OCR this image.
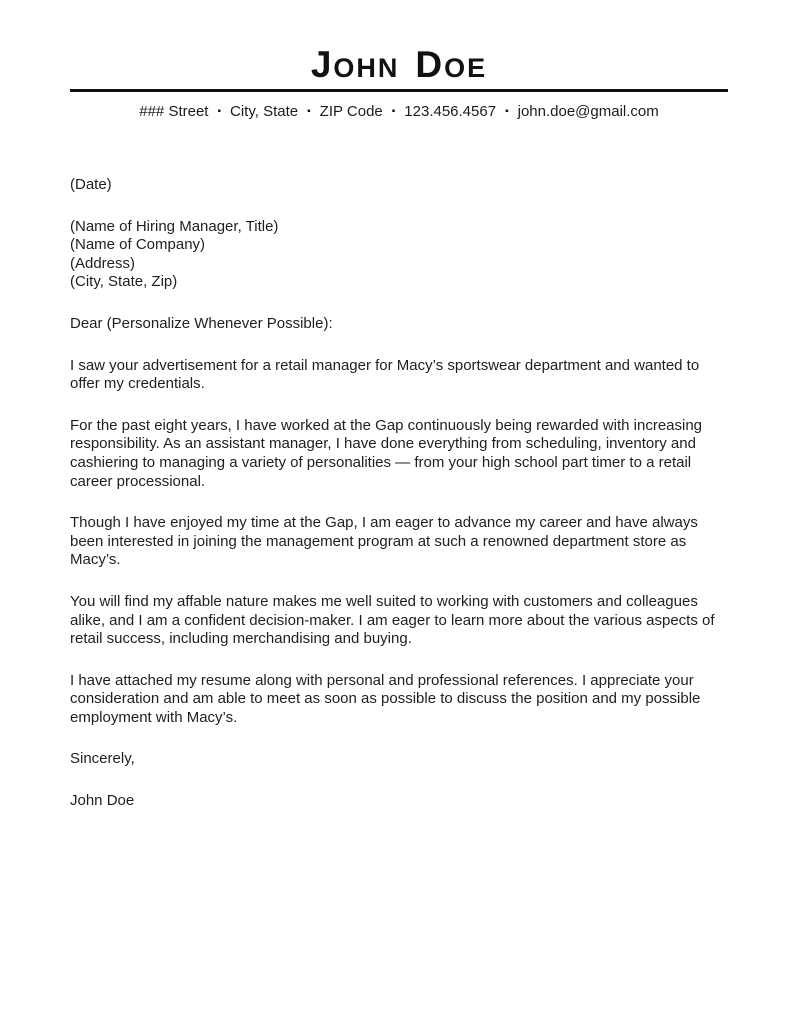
JOHN DOE
### Street ▪ City, State ▪ ZIP Code ▪ 123.456.4567 ▪ john.doe@gmail.com
(Date)
(Name of Hiring Manager, Title)
(Name of Company)
(Address)
(City, State, Zip)
Dear (Personalize Whenever Possible):

I saw your advertisement for a retail manager for Macy’s sportswear department and wanted to offer my credentials.

For the past eight years, I have worked at the Gap continuously being rewarded with increasing responsibility. As an assistant manager, I have done everything from scheduling, inventory and cashiering to managing a variety of personalities — from your high school part timer to a retail career processional.

Though I have enjoyed my time at the Gap, I am eager to advance my career and have always been interested in joining the management program at such a renowned department store as Macy’s.

You will find my affable nature makes me well suited to working with customers and colleagues alike, and I am a confident decision-maker. I am eager to learn more about the various aspects of retail success, including merchandising and buying.

I have attached my resume along with personal and professional references. I appreciate your consideration and am able to meet as soon as possible to discuss the position and my possible employment with Macy’s.

Sincerely,
John Doe
